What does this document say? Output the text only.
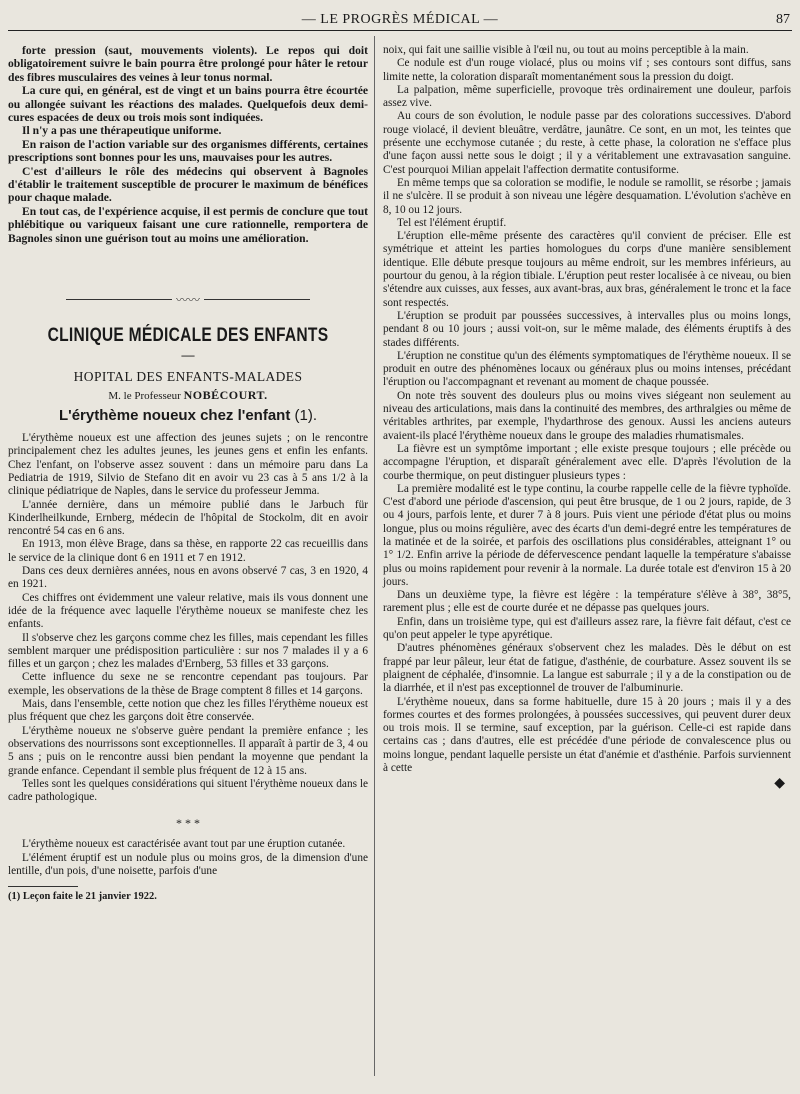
— LE PROGRÈS MÉDICAL —	87

forte pression (saut, mouvements violents). Le repos qui doit obligatoirement suivre le bain pourra être prolongé pour hâter le retour des fibres musculaires des veines à leur tonus normal.

La cure qui, en général, est de vingt et un bains pourra être écourtée ou allongée suivant les réactions des malades. Quelquefois deux demi-cures espacées de deux ou trois mois sont indiquées.

Il n'y a pas une thérapeutique uniforme.

En raison de l'action variable sur des organismes différents, certaines prescriptions sont bonnes pour les uns, mauvaises pour les autres.

C'est d'ailleurs le rôle des médecins qui observent à Bagnoles d'établir le traitement susceptible de procurer le maximum de bénéfices pour chaque malade.

En tout cas, de l'expérience acquise, il est permis de conclure que tout phlébitique ou variqueux faisant une cure rationnelle, remportera de Bagnoles sinon une guérison tout au moins une amélioration.

〰〰
CLINIQUE MÉDICALE DES ENFANTS
—
HOPITAL DES ENFANTS-MALADES
M. le Professeur NOBÉCOURT.
L'érythème noueux chez l'enfant (1).

L'érythème noueux est une affection des jeunes sujets ; on le rencontre principalement chez les adultes jeunes, les jeunes gens et enfin les enfants. Chez l'enfant, on l'observe assez souvent : dans un mémoire paru dans La Pediatria de 1919, Silvio de Stefano dit en avoir vu 23 cas à 5 ans 1/2 à la clinique pédiatrique de Naples, dans le service du professeur Jemma.

L'année dernière, dans un mémoire publié dans le Jarbuch für Kinderlheilkunde, Ernberg, médecin de l'hôpital de Stockolm, dit en avoir rencontré 54 cas en 6 ans.

En 1913, mon élève Brage, dans sa thèse, en rapporte 22 cas recueillis dans le service de la clinique dont 6 en 1911 et 7 en 1912.

Dans ces deux dernières années, nous en avons observé 7 cas, 3 en 1920, 4 en 1921.

Ces chiffres ont évidemment une valeur relative, mais ils vous donnent une idée de la fréquence avec laquelle l'érythème noueux se manifeste chez les enfants.

Il s'observe chez les garçons comme chez les filles, mais cependant les filles semblent marquer une prédisposition particulière : sur nos 7 malades il y a 6 filles et un garçon ; chez les malades d'Ernberg, 53 filles et 33 garçons.

Cette influence du sexe ne se rencontre cependant pas toujours. Par exemple, les observations de la thèse de Brage comptent 8 filles et 14 garçons.

Mais, dans l'ensemble, cette notion que chez les filles l'érythème noueux est plus fréquent que chez les garçons doit être conservée.

L'érythème noueux ne s'observe guère pendant la première enfance ; les observations des nourrissons sont exceptionnelles. Il apparaît à partir de 3, 4 ou 5 ans ; puis on le rencontre aussi bien pendant la moyenne que pendant la grande enfance. Cependant il semble plus fréquent de 12 à 15 ans.

Telles sont les quelques considérations qui situent l'érythème noueux dans le cadre pathologique.

* * *

L'érythème noueux est caractérisée avant tout par une éruption cutanée.

L'élément éruptif est un nodule plus ou moins gros, de la dimension d'une lentille, d'un pois, d'une noisette, parfois d'une

(1) Leçon faite le 21 janvier 1922.

noix, qui fait une saillie visible à l'œil nu, ou tout au moins perceptible à la main.

Ce nodule est d'un rouge violacé, plus ou moins vif ; ses contours sont diffus, sans limite nette, la coloration disparaît momentanément sous la pression du doigt.

La palpation, même superficielle, provoque très ordinairement une douleur, parfois assez vive.

Au cours de son évolution, le nodule passe par des colorations successives. D'abord rouge violacé, il devient bleuâtre, verdâtre, jaunâtre. Ce sont, en un mot, les teintes que présente une ecchymose cutanée ; du reste, à cette phase, la coloration ne s'efface plus d'une façon aussi nette sous le doigt ; il y a véritablement une extravasation sanguine. C'est pourquoi Milian appelait l'affection dermatite contusiforme.

En même temps que sa coloration se modifie, le nodule se ramollit, se résorbe ; jamais il ne s'ulcère. Il se produit à son niveau une légère desquamation. L'évolution s'achève en 8, 10 ou 12 jours.

Tel est l'élément éruptif.

L'éruption elle-même présente des caractères qu'il convient de préciser. Elle est symétrique et atteint les parties homologues du corps d'une manière sensiblement identique. Elle débute presque toujours au même endroit, sur les membres inférieurs, au pourtour du genou, à la région tibiale. L'éruption peut rester localisée à ce niveau, ou bien s'étendre aux cuisses, aux fesses, aux avant-bras, aux bras, généralement le tronc et la face sont respectés.

L'éruption se produit par poussées successives, à intervalles plus ou moins longs, pendant 8 ou 10 jours ; aussi voit-on, sur le même malade, des éléments éruptifs à des stades différents.

L'éruption ne constitue qu'un des éléments symptomatiques de l'érythème noueux. Il se produit en outre des phénomènes locaux ou généraux plus ou moins intenses, précédant l'éruption ou l'accompagnant et revenant au moment de chaque poussée.

On note très souvent des douleurs plus ou moins vives siégeant non seulement au niveau des articulations, mais dans la continuité des membres, des arthralgies ou même de véritables arthrites, par exemple, l'hydarthrose des genoux. Aussi les anciens auteurs avaient-ils placé l'érythème noueux dans le groupe des maladies rhumatismales.

La fièvre est un symptôme important ; elle existe presque toujours ; elle précède ou accompagne l'éruption, et disparaît généralement avec elle. D'après l'évolution de la courbe thermique, on peut distinguer plusieurs types :

La première modalité est le type continu, la courbe rappelle celle de la fièvre typhoïde. C'est d'abord une période d'ascension, qui peut être brusque, de 1 ou 2 jours, rapide, de 3 ou 4 jours, parfois lente, et durer 7 à 8 jours. Puis vient une période d'état plus ou moins longue, plus ou moins régulière, avec des écarts d'un demi-degré entre les températures de la matinée et de la soirée, et parfois des oscillations plus considérables, atteignant 1° ou 1° 1/2. Enfin arrive la période de défervescence pendant laquelle la température s'abaisse plus ou moins rapidement pour revenir à la normale. La durée totale est d'environ 15 à 20 jours.

Dans un deuxième type, la fièvre est légère : la température s'élève à 38°, 38°5, rarement plus ; elle est de courte durée et ne dépasse pas quelques jours.

Enfin, dans un troisième type, qui est d'ailleurs assez rare, la fièvre fait défaut, c'est ce qu'on peut appeler le type apyrétique.

D'autres phénomènes généraux s'observent chez les malades. Dès le début on est frappé par leur pâleur, leur état de fatigue, d'asthénie, de courbature. Assez souvent ils se plaignent de céphalée, d'insomnie. La langue est saburrale ; il y a de la constipation ou de la diarrhée, et il n'est pas exceptionnel de trouver de l'albuminurie.

L'érythème noueux, dans sa forme habituelle, dure 15 à 20 jours ; mais il y a des formes courtes et des formes prolongées, à poussées successives, qui peuvent durer deux ou trois mois. Il se termine, sauf exception, par la guérison. Celle-ci est rapide dans certains cas ; dans d'autres, elle est précédée d'une période de convalescence plus ou moins longue, pendant laquelle persiste un état d'anémie et d'asthénie. Parfois surviennent à cette

◆
